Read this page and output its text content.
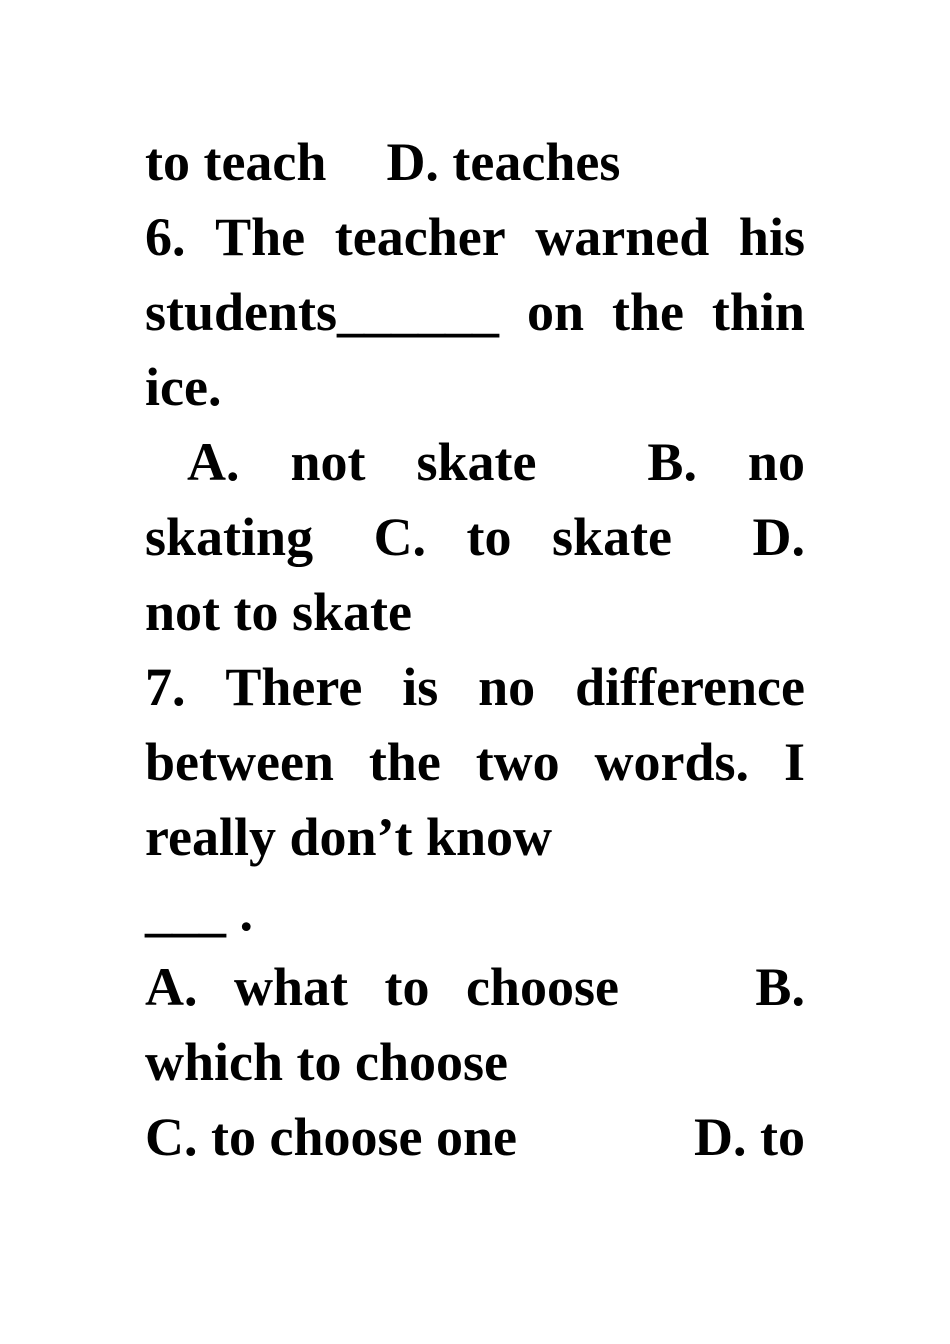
to teach D. teaches
6. The teacher warned his
students______ on the thin
ice.
A. not skate B. no
skating C. to skate D.
not to skate
7. There is no difference
between the two words. I
really don’t know
___ .
A. what to choose	B.
which to choose
C. to choose one	D. to
